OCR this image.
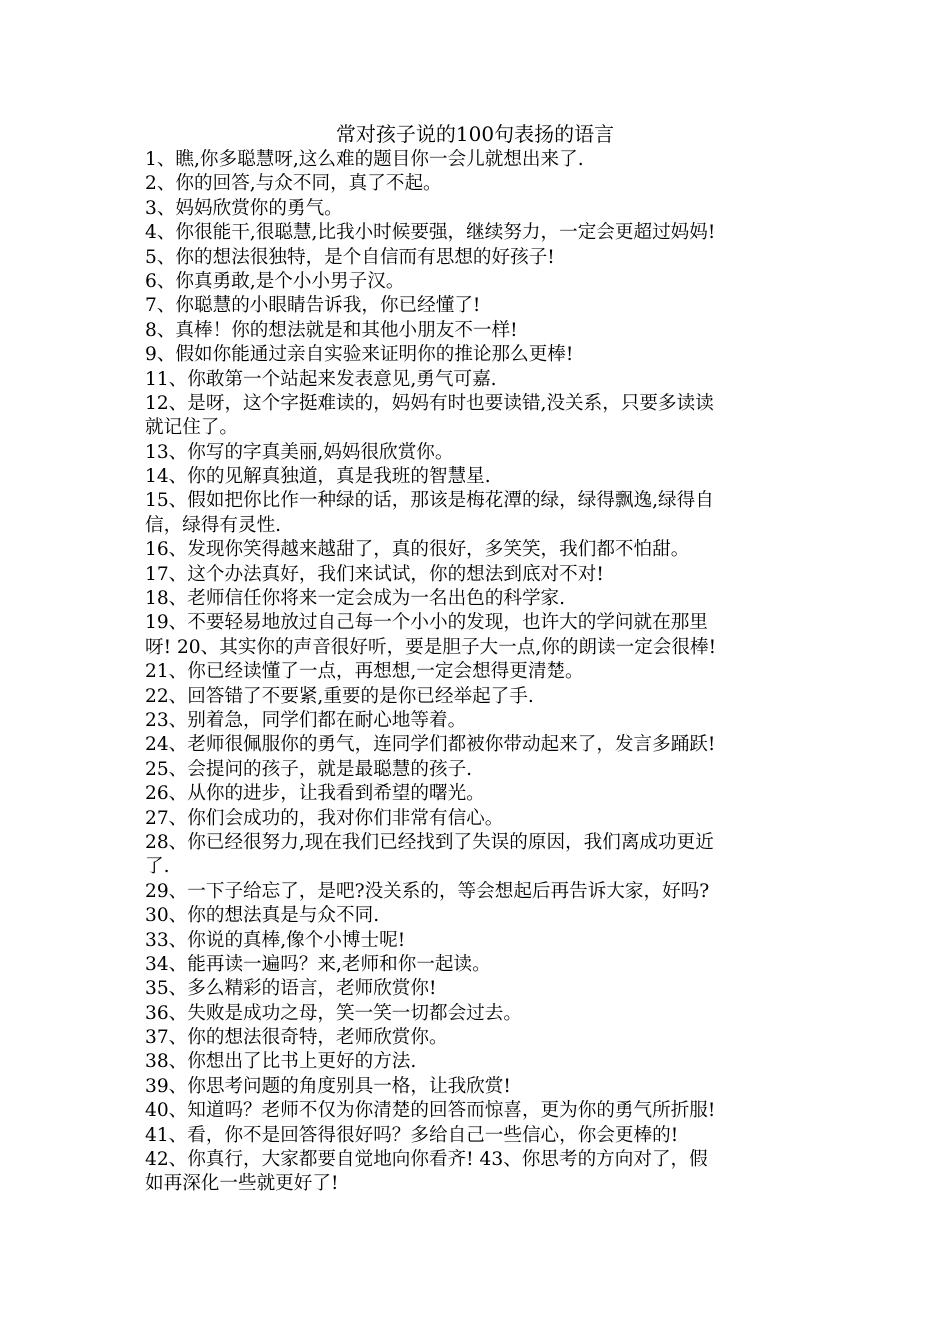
常对孩子说的100句表扬的语言
1、瞧,你多聪慧呀,这么难的题目你一会儿就想出来了.
2、你的回答,与众不同，真了不起。
3、妈妈欣赏你的勇气。
4、你很能干,很聪慧,比我小时候要强，继续努力，一定会更超过妈妈!
5、你的想法很独特，是个自信而有思想的好孩子!
6、你真勇敢,是个小小男子汉。
7、你聪慧的小眼睛告诉我，你已经懂了!
8、真棒！你的想法就是和其他小朋友不一样!
9、假如你能通过亲自实验来证明你的推论那么更棒!
11、你敢第一个站起来发表意见,勇气可嘉.
12、是呀，这个字挺难读的，妈妈有时也要读错,没关系，只要多读读
就记住了。
13、你写的字真美丽,妈妈很欣赏你。
14、你的见解真独道，真是我班的智慧星.
15、假如把你比作一种绿的话，那该是梅花潭的绿，绿得飘逸,绿得自
信，绿得有灵性.
16、发现你笑得越来越甜了，真的很好，多笑笑，我们都不怕甜。
17、这个办法真好，我们来试试，你的想法到底对不对!
18、老师信任你将来一定会成为一名出色的科学家.
19、不要轻易地放过自己每一个小小的发现，也许大的学问就在那里
呀! 20、其实你的声音很好听，要是胆子大一点,你的朗读一定会很棒!
21、你已经读懂了一点，再想想,一定会想得更清楚。
22、回答错了不要紧,重要的是你已经举起了手.
23、别着急，同学们都在耐心地等着。
24、老师很佩服你的勇气，连同学们都被你带动起来了，发言多踊跃!
25、会提问的孩子，就是最聪慧的孩子.
26、从你的进步，让我看到希望的曙光。
27、你们会成功的，我对你们非常有信心。
28、你已经很努力,现在我们已经找到了失误的原因，我们离成功更近
了.
29、一下子给忘了，是吧?没关系的，等会想起后再告诉大家，好吗?
30、你的想法真是与众不同.
33、你说的真棒,像个小博士呢!
34、能再读一遍吗？来,老师和你一起读。
35、多么精彩的语言，老师欣赏你!
36、失败是成功之母，笑一笑一切都会过去。
37、你的想法很奇特，老师欣赏你。
38、你想出了比书上更好的方法.
39、你思考问题的角度别具一格，让我欣赏!
40、知道吗？老师不仅为你清楚的回答而惊喜，更为你的勇气所折服!
41、看，你不是回答得很好吗？多给自己一些信心，你会更棒的!
42、你真行，大家都要自觉地向你看齐! 43、你思考的方向对了，假
如再深化一些就更好了!
